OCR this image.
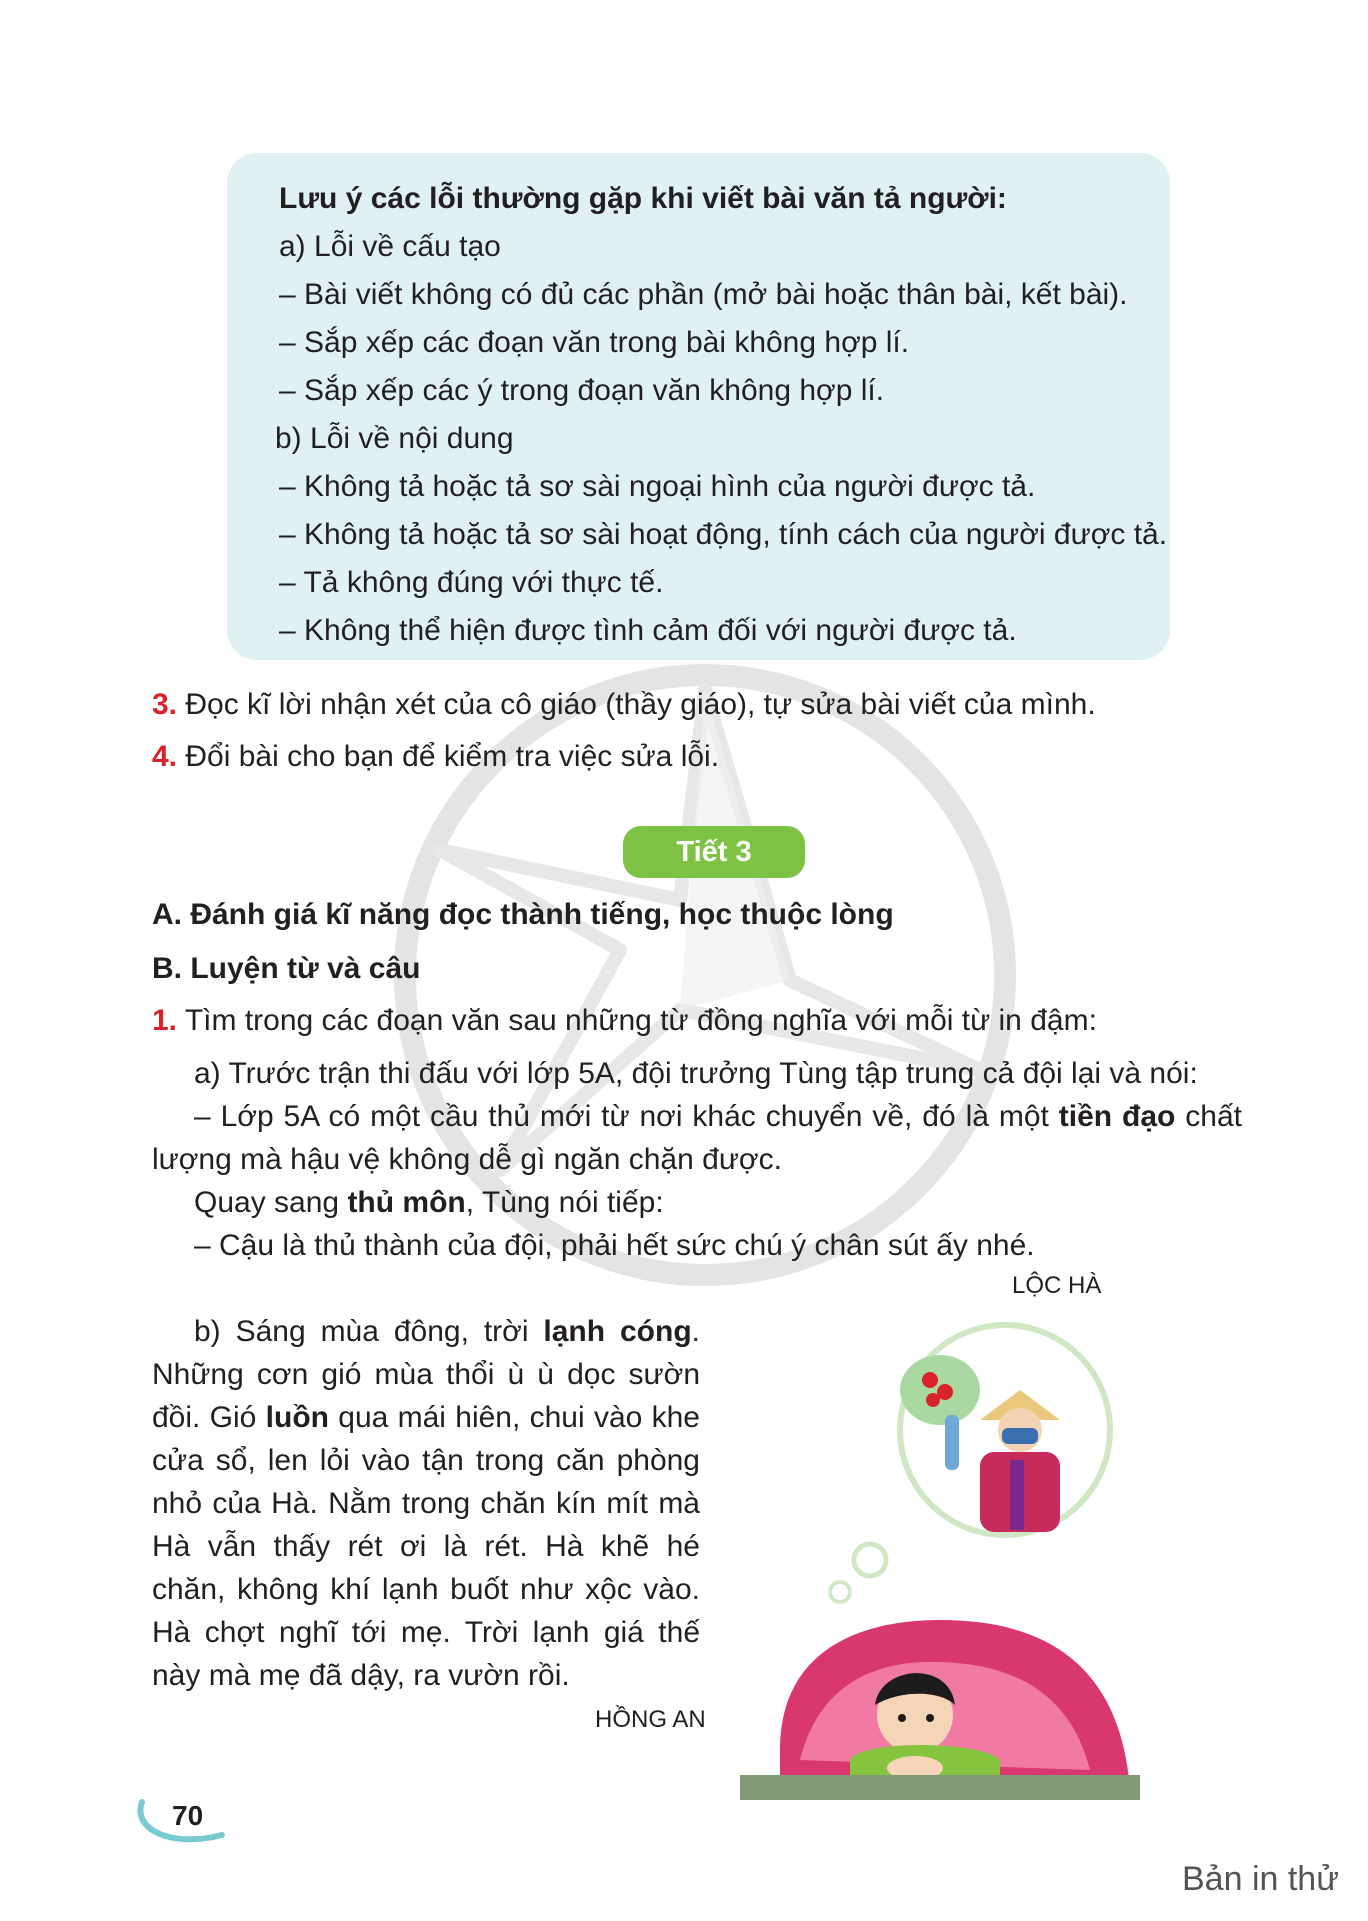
Lưu ý các lỗi thường gặp khi viết bài văn tả người:
a) Lỗi về cấu tạo
– Bài viết không có đủ các phần (mở bài hoặc thân bài, kết bài).
– Sắp xếp các đoạn văn trong bài không hợp lí.
– Sắp xếp các ý trong đoạn văn không hợp lí.
b) Lỗi về nội dung
– Không tả hoặc tả sơ sài ngoại hình của người được tả.
– Không tả hoặc tả sơ sài hoạt động, tính cách của người được tả.
– Tả không đúng với thực tế.
– Không thể hiện được tình cảm đối với người được tả.
3. Đọc kĩ lời nhận xét của cô giáo (thầy giáo), tự sửa bài viết của mình.
4. Đổi bài cho bạn để kiểm tra việc sửa lỗi.
Tiết 3
A. Đánh giá kĩ năng đọc thành tiếng, học thuộc lòng
B. Luyện từ và câu
1. Tìm trong các đoạn văn sau những từ đồng nghĩa với mỗi từ in đậm:

a) Trước trận thi đấu với lớp 5A, đội trưởng Tùng tập trung cả đội lại và nói:

– Lớp 5A có một cầu thủ mới từ nơi khác chuyển về, đó là một tiền đạo chất lượng mà hậu vệ không dễ gì ngăn chặn được.

Quay sang thủ môn, Tùng nói tiếp:

– Cậu là thủ thành của đội, phải hết sức chú ý chân sút ấy nhé.

LỘC HÀ

b) Sáng mùa đông, trời lạnh cóng. Những cơn gió mùa thổi ù ù dọc sườn đồi. Gió luồn qua mái hiên, chui vào khe cửa sổ, len lỏi vào tận trong căn phòng nhỏ của Hà. Nằm trong chăn kín mít mà Hà vẫn thấy rét ơi là rét. Hà khẽ hé chăn, không khí lạnh buốt như xộc vào. Hà chợt nghĩ tới mẹ. Trời lạnh giá thế này mà mẹ đã dậy, ra vườn rồi.

HỒNG AN
70
Bản in thử
